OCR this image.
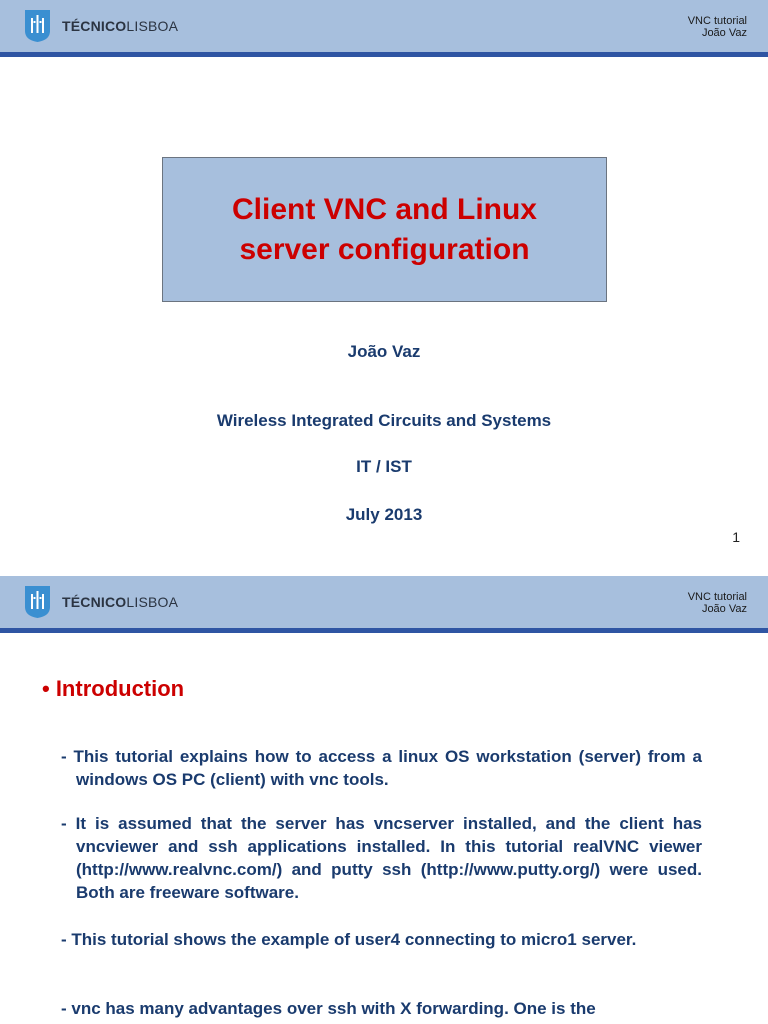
TÉCNICOLISBOA	VNC tutorial
João Vaz
Client VNC and Linux
server configuration
João Vaz
Wireless Integrated Circuits and Systems
IT / IST
July 2013
1
TÉCNICOLISBOA	VNC tutorial
João Vaz
• Introduction
- This tutorial explains how to access a linux OS workstation (server) from a windows OS PC (client) with vnc tools.
- It is assumed that the server has vncserver installed, and the client has vncviewer and ssh applications installed. In this tutorial realVNC viewer (http://www.realvnc.com/) and putty ssh (http://www.putty.org/) were used. Both are freeware software.
- This tutorial shows the example of user4 connecting to micro1 server.
- vnc has many advantages over ssh with X forwarding. One is the
